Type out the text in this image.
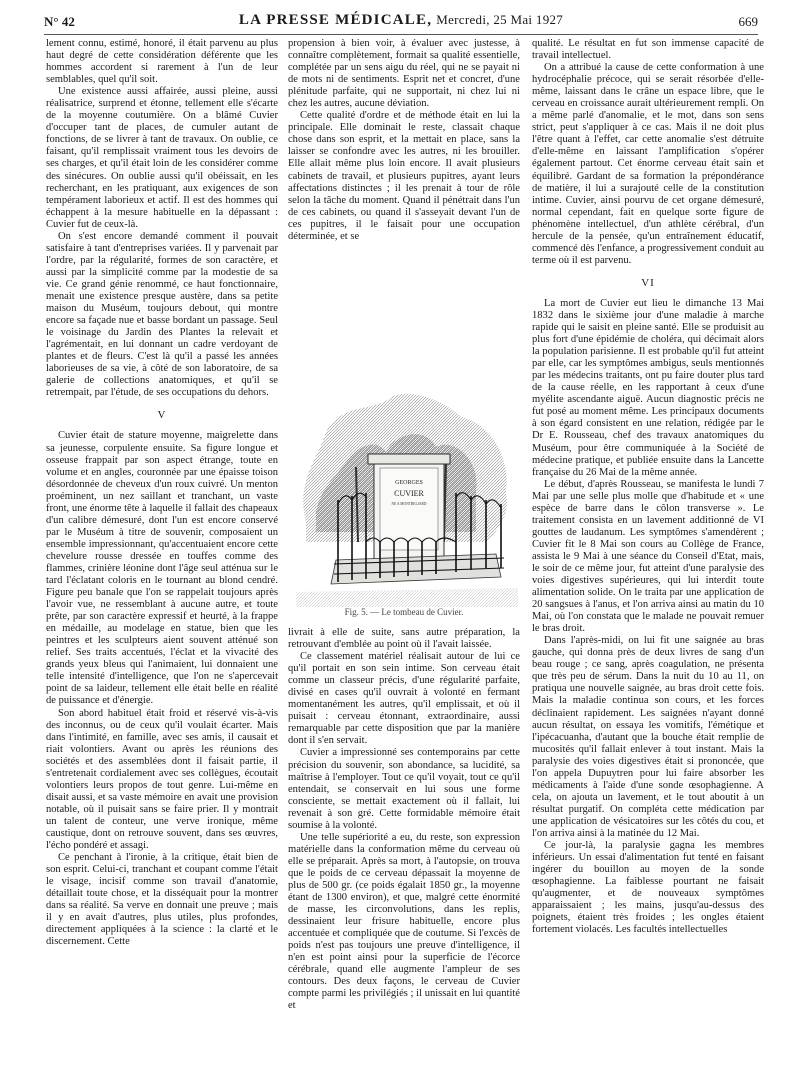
N° 42	LA PRESSE MÉDICALE, Mercredi, 25 Mai 1927	669

lement connu, estimé, honoré, il était parvenu au plus haut degré de cette considération déférente que les hommes accordent si rarement à l'un de leur semblables, quel qu'il soit.

Une existence aussi affairée, aussi pleine, aussi réalisatrice, surprend et étonne, tellement elle s'écarte de la moyenne coutumière. On a blâmé Cuvier d'occuper tant de places, de cumuler autant de fonctions, de se livrer à tant de travaux. On oublie, ce faisant, qu'il remplissait vraiment tous les devoirs de ses charges, et qu'il était loin de les considérer comme des sinécures. On oublie aussi qu'il obéissait, en les recherchant, en les pratiquant, aux exigences de son tempérament laborieux et actif. Il est des hommes qui échappent à la mesure habituelle en la dépassant : Cuvier fut de ceux-là.

On s'est encore demandé comment il pouvait satisfaire à tant d'entreprises variées. Il y parvenait par l'ordre, par la régularité, formes de son caractère, et aussi par la simplicité comme par la modestie de sa vie. Ce grand génie renommé, ce haut fonctionnaire, menait une existence presque austère, dans sa petite maison du Muséum, toujours debout, qui montre encore sa façade nue et basse bordant un passage. Seul le voisinage du Jardin des Plantes la relevait et l'agrémentait, en lui donnant un cadre verdoyant de plantes et de fleurs. C'est là qu'il a passé les années laborieuses de sa vie, à côté de son laboratoire, de sa galerie de collections anatomiques, et qu'il se retrempait, par l'étude, de ses occupations du dehors.

V

Cuvier était de stature moyenne, maigrelette dans sa jeunesse, corpulente ensuite. Sa figure longue et osseuse frappait par son aspect étrange, toute en volume et en angles, couronnée par une épaisse toison désordonnée de cheveux d'un roux cuivré. Un menton proéminent, un nez saillant et tranchant, un vaste front, une énorme tête à laquelle il fallait des chapeaux d'un calibre démesuré, dont l'un est encore conservé par le Muséum à titre de souvenir, composaient un ensemble impressionnant, qu'accentuaient encore cette chevelure rousse dressée en touffes comme des flammes, crinière léonine dont l'âge seul atténua sur le tard l'éclatant coloris en le tournant au blond cendré. Figure peu banale que l'on se rappelait toujours après l'avoir vue, ne ressemblant à aucune autre, et toute prête, par son caractère expressif et heurté, à la frappe en médaille, au modelage en statue, bien que les peintres et les sculpteurs aient souvent atténué son relief. Ses traits accentués, l'éclat et la vivacité des grands yeux bleus qui l'animaient, lui donnaient une telle intensité d'intelligence, que l'on ne s'apercevait point de sa laideur, tellement elle était belle en réalité de puissance et d'énergie.

Son abord habituel était froid et réservé vis-à-vis des inconnus, ou de ceux qu'il voulait écarter. Mais dans l'intimité, en famille, avec ses amis, il causait et riait volontiers. Avant ou après les réunions des sociétés et des assemblées dont il faisait partie, il s'entretenait cordialement avec ses collègues, écoutait volontiers leurs propos de tout genre. Lui-même en disait aussi, et sa vaste mémoire en avait une provision notable, où il puisait sans se faire prier. Il y montrait un talent de conteur, une verve ironique, même caustique, dont on retrouve souvent, dans ses œuvres, l'écho pondéré et assagi.

Ce penchant à l'ironie, à la critique, était bien de son esprit. Celui-ci, tranchant et coupant comme l'était le visage, incisif comme son travail d'anatomie, détaillait toute chose, et la disséquait pour la montrer dans sa réalité. Sa verve en donnait une preuve ; mais il y en avait d'autres, plus utiles, plus profondes, directement appliquées à la science : la clarté et le discernement. Cette

propension à bien voir, à évaluer avec justesse, à connaître complètement, formait sa qualité essentielle, complétée par un sens aigu du réel, qui ne se payait ni de mots ni de sentiments. Esprit net et concret, d'une plénitude parfaite, qui ne supportait, ni chez lui ni chez les autres, aucune déviation.

Cette qualité d'ordre et de méthode était en lui la principale. Elle dominait le reste, classait chaque chose dans son esprit, et la mettait en place, sans la laisser se confondre avec les autres, ni les brouiller. Elle allait même plus loin encore. Il avait plusieurs cabinets de travail, et plusieurs pupitres, ayant leurs affectations distinctes ; il les prenait à tour de rôle selon la tâche du moment. Quand il pénétrait dans l'un de ces cabinets, ou quand il s'asseyait devant l'un de ces pupitres, il le faisait pour une occupation déterminée, et se

GEORGES
CUVIER
NE A MONTBELIARD
Fig. 5. — Le tombeau de Cuvier.

livrait à elle de suite, sans autre préparation, la retrouvant d'emblée au point où il l'avait laissée.

Ce classement matériel réalisait autour de lui ce qu'il portait en son sein intime. Son cerveau était comme un classeur précis, d'une régularité parfaite, divisé en cases qu'il ouvrait à volonté en fermant momentanément les autres, qu'il emplissait, et où il puisait : cerveau étonnant, extraordinaire, aussi remarquable par cette disposition que par la manière dont il s'en servait.

Cuvier a impressionné ses contemporains par cette précision du souvenir, son abondance, sa lucidité, sa maîtrise à l'employer. Tout ce qu'il voyait, tout ce qu'il entendait, se conservait en lui sous une forme consciente, se mettait exactement où il fallait, lui revenait à son gré. Cette formidable mémoire était soumise à la volonté.

Une telle supériorité a eu, du reste, son expression matérielle dans la conformation même du cerveau où elle se préparait. Après sa mort, à l'autopsie, on trouva que le poids de ce cerveau dépassait la moyenne de plus de 500 gr. (ce poids égalait 1850 gr., la moyenne étant de 1300 environ), et que, malgré cette énormité de masse, les circonvolutions, dans les replis, dessinaient leur frisure habituelle, encore plus accentuée et compliquée que de coutume. Si l'excès de poids n'est pas toujours une preuve d'intelligence, il n'en est point ainsi pour la superficie de l'écorce cérébrale, quand elle augmente l'ampleur de ses contours. Des deux façons, le cerveau de Cuvier compte parmi les privilégiés ; il unissait en lui quantité et

qualité. Le résultat en fut son immense capacité de travail intellectuel.

On a attribué la cause de cette conformation à une hydrocéphalie précoce, qui se serait résorbée d'elle-même, laissant dans le crâne un espace libre, que le cerveau en croissance aurait ultérieurement rempli. On a même parlé d'anomalie, et le mot, dans son sens strict, peut s'appliquer à ce cas. Mais il ne doit plus l'être quant à l'effet, car cette anomalie s'est détruite d'elle-même en laissant l'amplification s'opérer également partout. Cet énorme cerveau était sain et équilibré. Gardant de sa formation la prépondérance de matière, il lui a surajouté celle de la constitution intime. Cuvier, ainsi pourvu de cet organe démesuré, normal cependant, fait en quelque sorte figure de phénomène intellectuel, d'un athlète cérébral, d'un hercule de la pensée, qu'un entraînement éducatif, commencé dès l'enfance, a progressivement conduit au terme où il est parvenu.

VI

La mort de Cuvier eut lieu le dimanche 13 Mai 1832 dans le sixième jour d'une maladie à marche rapide qui le saisit en pleine santé. Elle se produisit au plus fort d'une épidémie de choléra, qui décimait alors la population parisienne. Il est probable qu'il fut atteint par elle, car les symptômes ambigus, seuls mentionnés par les médecins traitants, ont pu faire douter plus tard de la cause réelle, en les rapportant à ceux d'une myélite ascendante aiguë. Aucun diagnostic précis ne fut posé au moment même. Les principaux documents à son égard consistent en une relation, rédigée par le Dr E. Rousseau, chef des travaux anatomiques du Muséum, pour être communiquée à la Société de médecine pratique, et publiée ensuite dans la Lancette française du 26 Mai de la même année.

Le début, d'après Rousseau, se manifesta le lundi 7 Mai par une selle plus molle que d'habitude et « une espèce de barre dans le côlon transverse ». Le traitement consista en un lavement additionné de VI gouttes de laudanum. Les symptômes s'amendèrent ; Cuvier fit le 8 Mai son cours au Collège de France, assista le 9 Mai à une séance du Conseil d'Etat, mais, le soir de ce même jour, fut atteint d'une paralysie des voies digestives supérieures, qui lui interdit toute alimentation solide. On le traita par une application de 20 sangsues à l'anus, et l'on arriva ainsi au matin du 10 Mai, où l'on constata que le malade ne pouvait remuer le bras droit.

Dans l'après-midi, on lui fit une saignée au bras gauche, qui donna près de deux livres de sang d'un beau rouge ; ce sang, après coagulation, ne présenta que très peu de sérum. Dans la nuit du 10 au 11, on pratiqua une nouvelle saignée, au bras droit cette fois. Mais la maladie continua son cours, et les forces déclinaient rapidement. Les saignées n'ayant donné aucun résultat, on essaya les vomitifs, l'émétique et l'ipécacuanha, d'autant que la bouche était remplie de mucosités qu'il fallait enlever à tout instant. Mais la paralysie des voies digestives était si prononcée, que l'on appela Dupuytren pour lui faire absorber les médicaments à l'aide d'une sonde œsophagienne. A cela, on ajouta un lavement, et le tout aboutit à un résultat purgatif. On compléta cette médication par une application de vésicatoires sur les côtés du cou, et l'on arriva ainsi à la matinée du 12 Mai.

Ce jour-là, la paralysie gagna les membres inférieurs. Un essai d'alimentation fut tenté en faisant ingérer du bouillon au moyen de la sonde œsophagienne. La faiblesse pourtant ne faisait qu'augmenter, et de nouveaux symptômes apparaissaient ; les mains, jusqu'au-dessus des poignets, étaient très froides ; les ongles étaient fortement violacés. Les facultés intellectuelles
